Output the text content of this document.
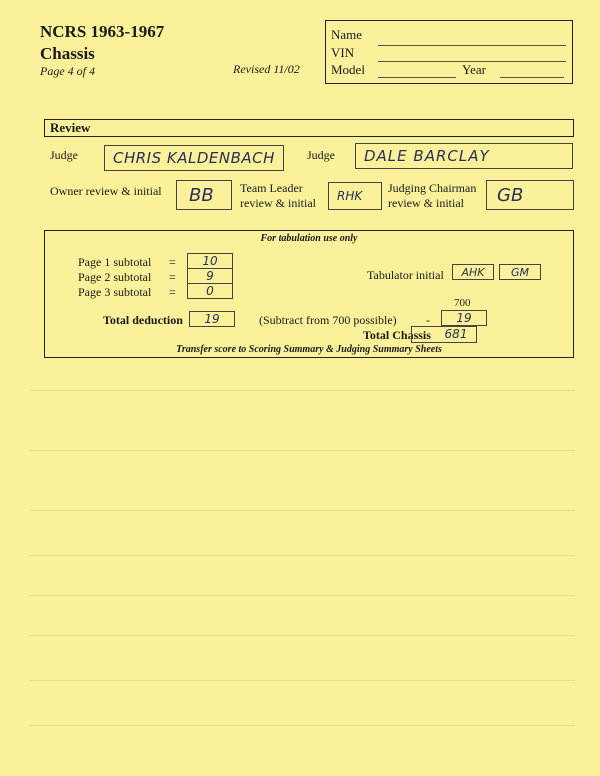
NCRS 1963-1967
Chassis
Page 4 of 4	Revised 11/02
Name
VIN
Model	Year
Review
Judge CHRIS KALDENBACH	Judge DALE BARCLAY
Owner review & initial BB Team Leader
review & initial RHK
Judging Chairman
review & initial GB
For tabulation use only
Page 1 subtotal =	10
Page 2 subtotal =	9
Page 3 subtotal =	0
Tabulator initial	AHK	GM
700
Total deduction	19	(Subtract from 700 possible) -	19
Total Chassis	681
Transfer score to Scoring Summary & Judging Summary Sheets
